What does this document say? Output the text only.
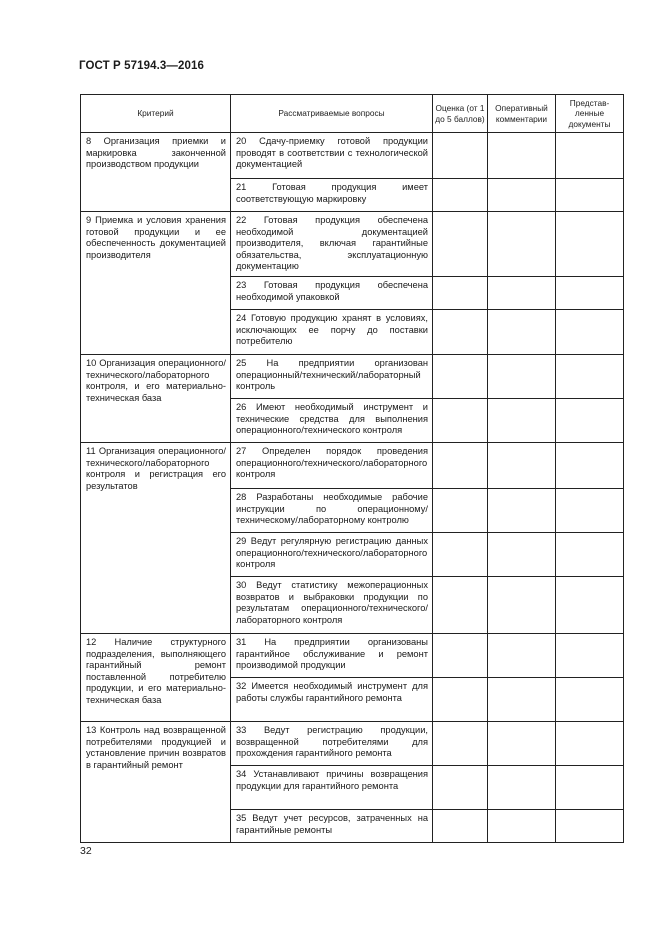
ГОСТ Р 57194.3—2016
Критерий	Рассматриваемые вопросы	Оценка (от 1 до 5 баллов)	Оперативный комментарии	Представ-ленные документы
8 Организация приемки и маркировка законченной производством продукции	20 Сдачу-приемку готовой продукции проводят в соответствии с технологической документацией			
	21 Готовая продукция имеет соответствующую маркировку			
9 Приемка и условия хранения готовой продукции и ее обеспеченность документацией производителя	22 Готовая продукция обеспечена необходимой документацией производителя, включая гарантийные обязательства, эксплуатационную документацию			
	23 Готовая продукция обеспечена необходимой упаковкой			
	24 Готовую продукцию хранят в условиях, исключающих ее порчу до поставки потребителю			
10 Организация операционного/технического/лабораторного контроля, и его материально-техническая база	25 На предприятии организован операционный/технический/лабораторный контроль			
	26 Имеют необходимый инструмент и технические средства для выполнения операционного/технического контроля			
11 Организация операционного/технического/лабораторного контроля и регистрация его результатов	27 Определен порядок проведения операционного/технического/лабораторного контроля			
	28 Разработаны необходимые рабочие инструкции по операционному/техническому/лабораторному контролю			
	29 Ведут регулярную регистрацию данных операционного/технического/лабораторного контроля			
	30 Ведут статистику межоперационных возвратов и выбраковки продукции по результатам операционного/технического/лабораторного контроля			
12 Наличие структурного подразделения, выполняющего гарантийный ремонт поставленной потребителю продукции, и его материально-техническая база	31 На предприятии организованы гарантийное обслуживание и ремонт производимой продукции			
	32 Имеется необходимый инструмент для работы службы гарантийного ремонта			
13 Контроль над возвращенной потребителями продукцией и установление причин возвратов в гарантийный ремонт	33 Ведут регистрацию продукции, возвращенной потребителями для прохождения гарантийного ремонта			
	34 Устанавливают причины возвращения продукции для гарантийного ремонта			
	35 Ведут учет ресурсов, затраченных на гарантийные ремонты			
32
